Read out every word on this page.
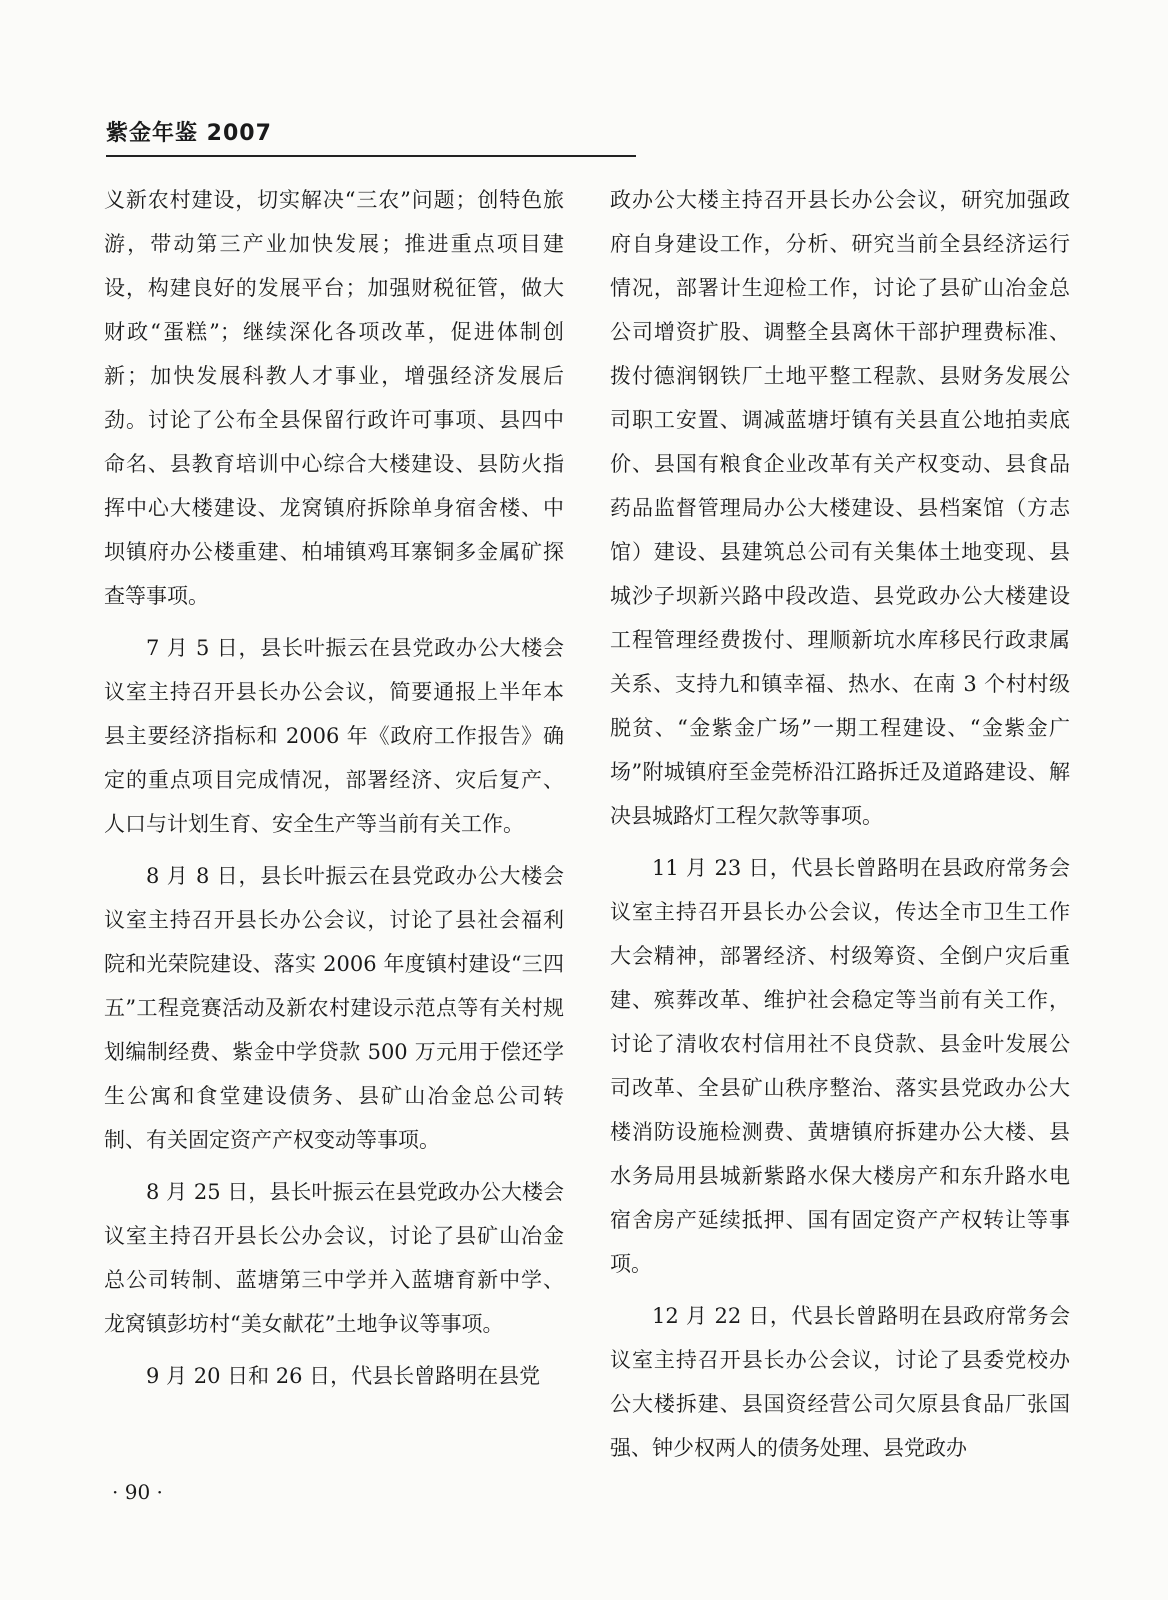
紫金年鉴 2007

义新农村建设，切实解决“三农”问题；创特色旅游，带动第三产业加快发展；推进重点项目建设，构建良好的发展平台；加强财税征管，做大财政“蛋糕”；继续深化各项改革，促进体制创新；加快发展科教人才事业，增强经济发展后劲。讨论了公布全县保留行政许可事项、县四中命名、县教育培训中心综合大楼建设、县防火指挥中心大楼建设、龙窝镇府拆除单身宿舍楼、中坝镇府办公楼重建、柏埔镇鸡耳寨铜多金属矿探查等事项。

7 月 5 日，县长叶振云在县党政办公大楼会议室主持召开县长办公会议，简要通报上半年本县主要经济指标和 2006 年《政府工作报告》确定的重点项目完成情况，部署经济、灾后复产、人口与计划生育、安全生产等当前有关工作。

8 月 8 日，县长叶振云在县党政办公大楼会议室主持召开县长办公会议，讨论了县社会福利院和光荣院建设、落实 2006 年度镇村建设“三四五”工程竞赛活动及新农村建设示范点等有关村规划编制经费、紫金中学贷款 500 万元用于偿还学生公寓和食堂建设债务、县矿山冶金总公司转制、有关固定资产产权变动等事项。

8 月 25 日，县长叶振云在县党政办公大楼会议室主持召开县长公办会议，讨论了县矿山冶金总公司转制、蓝塘第三中学并入蓝塘育新中学、龙窝镇彭坊村“美女献花”土地争议等事项。

9 月 20 日和 26 日，代县长曾路明在县党

政办公大楼主持召开县长办公会议，研究加强政府自身建设工作，分析、研究当前全县经济运行情况，部署计生迎检工作，讨论了县矿山冶金总公司增资扩股、调整全县离休干部护理费标准、拨付德润钢铁厂土地平整工程款、县财务发展公司职工安置、调减蓝塘圩镇有关县直公地拍卖底价、县国有粮食企业改革有关产权变动、县食品药品监督管理局办公大楼建设、县档案馆（方志馆）建设、县建筑总公司有关集体土地变现、县城沙子坝新兴路中段改造、县党政办公大楼建设工程管理经费拨付、理顺新坑水库移民行政隶属关系、支持九和镇幸福、热水、在南 3 个村村级脱贫、“金紫金广场”一期工程建设、“金紫金广场”附城镇府至金莞桥沿江路拆迁及道路建设、解决县城路灯工程欠款等事项。

11 月 23 日，代县长曾路明在县政府常务会议室主持召开县长办公会议，传达全市卫生工作大会精神，部署经济、村级筹资、全倒户灾后重建、殡葬改革、维护社会稳定等当前有关工作，讨论了清收农村信用社不良贷款、县金叶发展公司改革、全县矿山秩序整治、落实县党政办公大楼消防设施检测费、黄塘镇府拆建办公大楼、县水务局用县城新紫路水保大楼房产和东升路水电宿舍房产延续抵押、国有固定资产产权转让等事项。

12 月 22 日，代县长曾路明在县政府常务会议室主持召开县长办公会议，讨论了县委党校办公大楼拆建、县国资经营公司欠原县食品厂张国强、钟少权两人的债务处理、县党政办

· 90 ·
